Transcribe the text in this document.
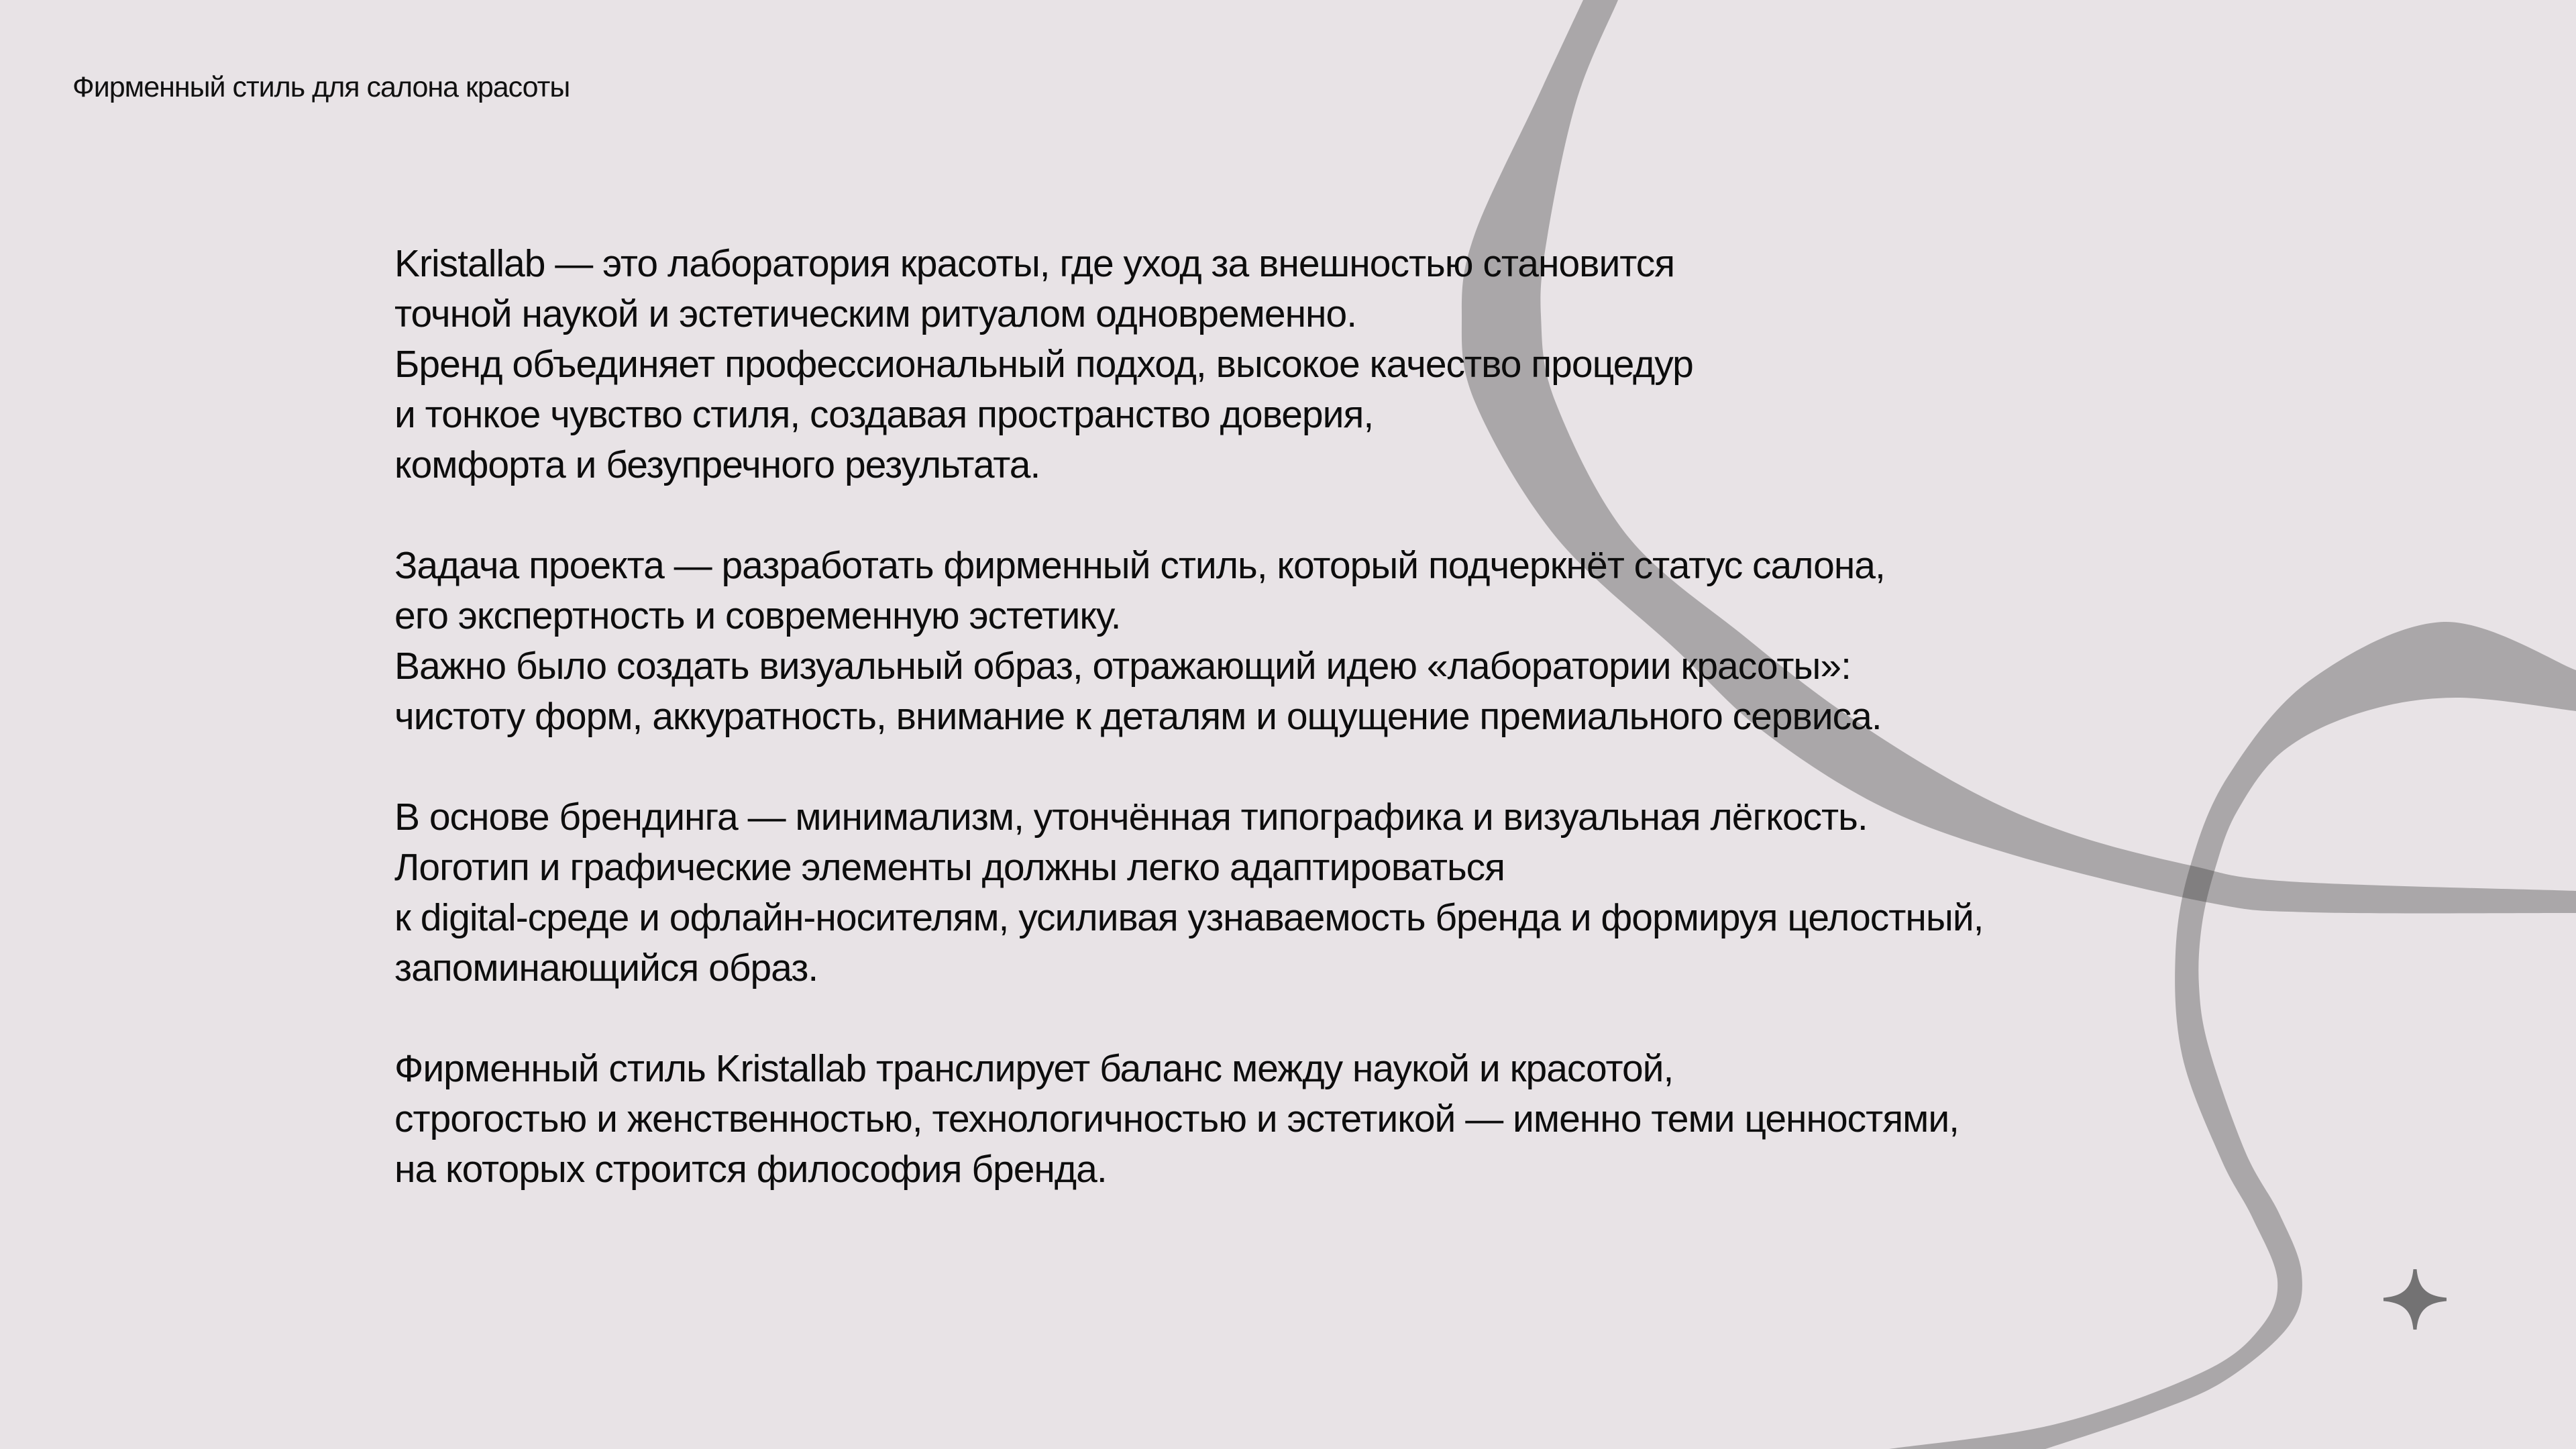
Фирменный стиль для салона красоты

Kristallab — это лаборатория красоты, где уход за внешностью становится
точной наукой и эстетическим ритуалом одновременно.
Бренд объединяет профессиональный подход, высокое качество процедур
и тонкое чувство стиля, создавая пространство доверия,
комфорта и безупречного результата.

Задача проекта — разработать фирменный стиль, который подчеркнёт статус салона,
его экспертность и современную эстетику.
Важно было создать визуальный образ, отражающий идею «лаборатории красоты»:
чистоту форм, аккуратность, внимание к деталям и ощущение премиального сервиса.

В основе брендинга — минимализм, утончённая типографика и визуальная лёгкость.
Логотип и графические элементы должны легко адаптироваться
к digital-среде и офлайн-носителям, усиливая узнаваемость бренда и формируя целостный,
запоминающийся образ.

Фирменный стиль Kristallab транслирует баланс между наукой и красотой,
строгостью и женственностью, технологичностью и эстетикой — именно теми ценностями,
на которых строится философия бренда.
